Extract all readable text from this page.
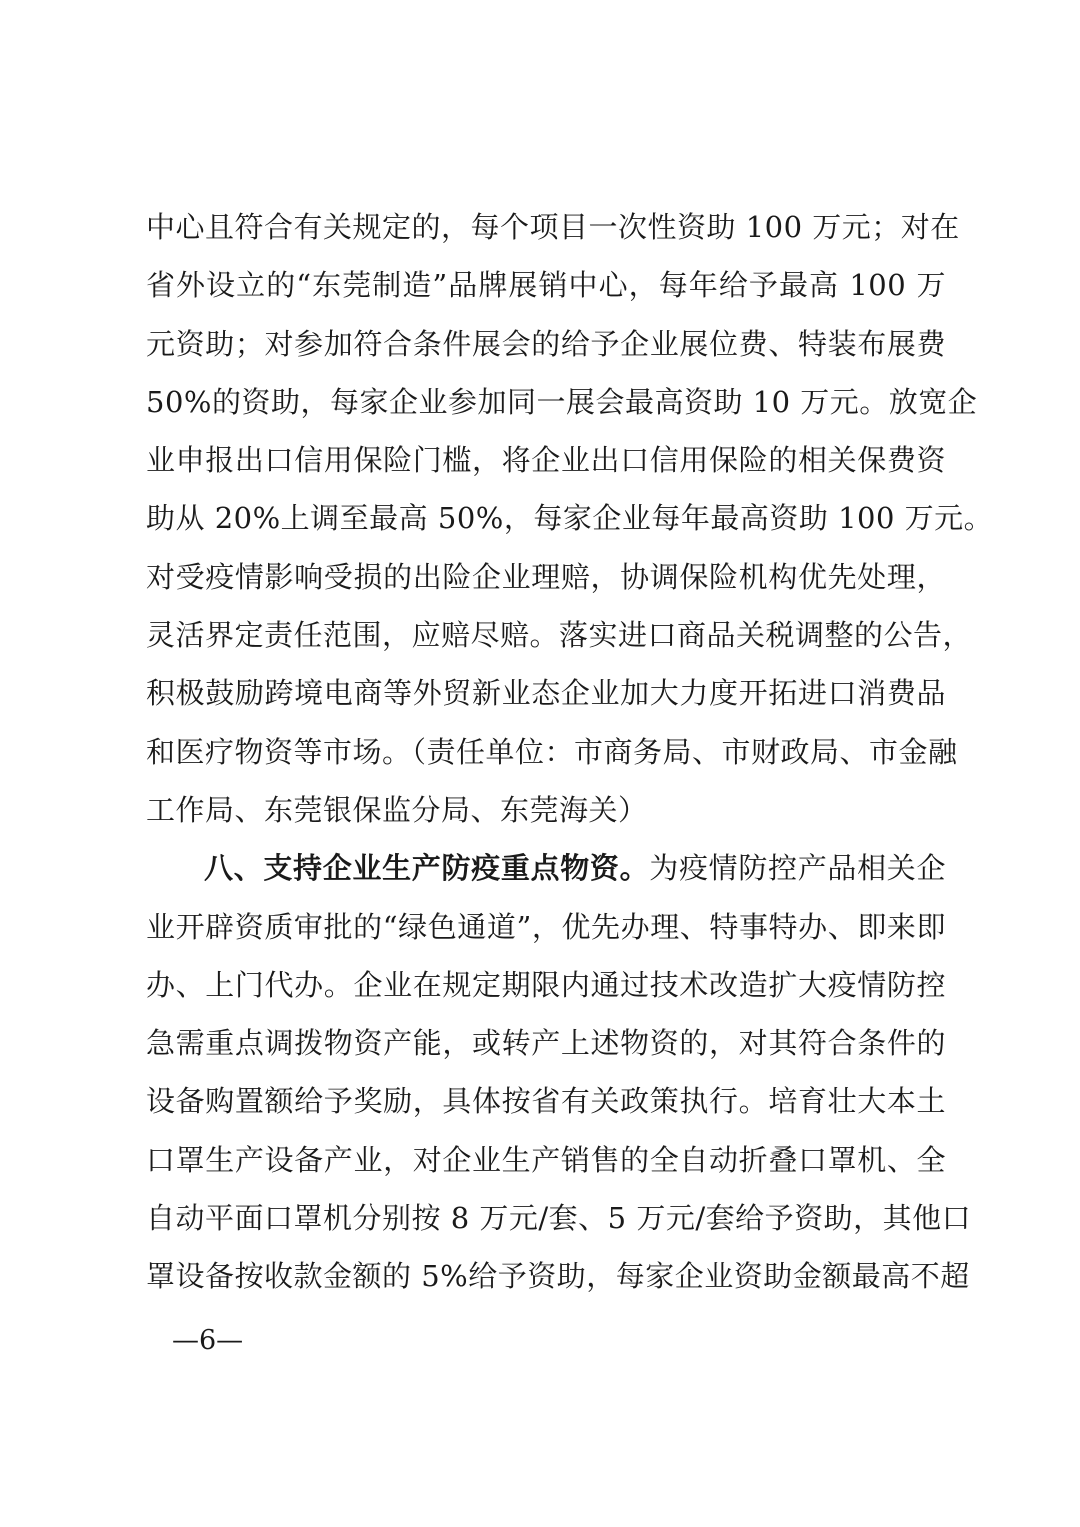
中心且符合有关规定的，每个项目一次性资助 100 万元；对在
省外设立的“东莞制造”品牌展销中心，每年给予最高 100 万
元资助；对参加符合条件展会的给予企业展位费、特装布展费
50%的资助，每家企业参加同一展会最高资助 10 万元。放宽企
业申报出口信用保险门槛，将企业出口信用保险的相关保费资
助从 20%上调至最高 50%，每家企业每年最高资助 100 万元。
对受疫情影响受损的出险企业理赔，协调保险机构优先处理，
灵活界定责任范围，应赔尽赔。落实进口商品关税调整的公告，
积极鼓励跨境电商等外贸新业态企业加大力度开拓进口消费品
和医疗物资等市场。（责任单位：市商务局、市财政局、市金融
工作局、东莞银保监分局、东莞海关）
八、支持企业生产防疫重点物资。为疫情防控产品相关企
业开辟资质审批的“绿色通道”，优先办理、特事特办、即来即
办、上门代办。企业在规定期限内通过技术改造扩大疫情防控
急需重点调拨物资产能，或转产上述物资的，对其符合条件的
设备购置额给予奖励，具体按省有关政策执行。培育壮大本土
口罩生产设备产业，对企业生产销售的全自动折叠口罩机、全
自动平面口罩机分别按 8 万元/套、5 万元/套给予资助，其他口
罩设备按收款金额的 5%给予资助，每家企业资助金额最高不超
—6—
